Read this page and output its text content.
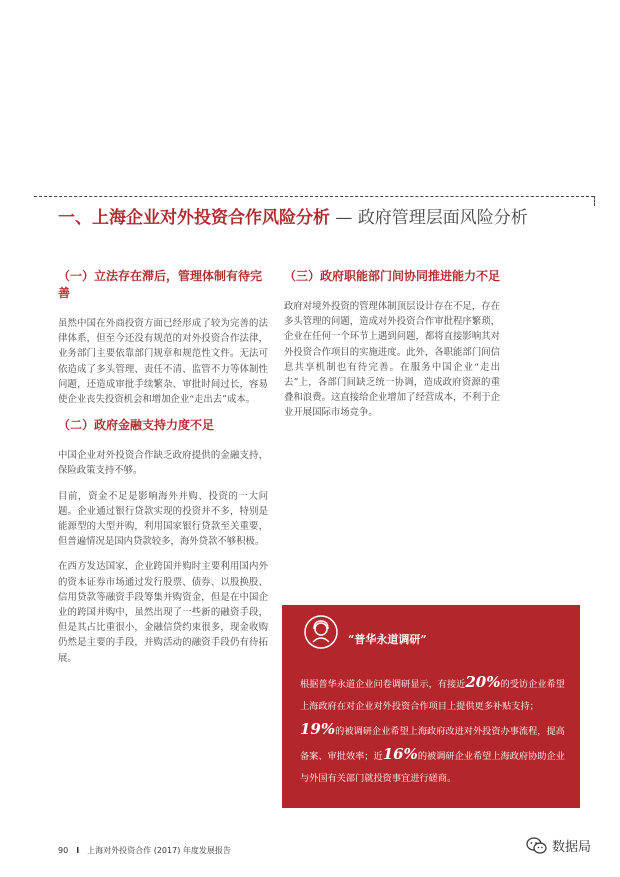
一、上海企业对外投资合作风险分析 — 政府管理层面风险分析
（一）立法存在滞后，管理体制有待完善

虽然中国在外商投资方面已经形成了较为完善的法律体系，但至今还没有规范的对外投资合作法律，业务部门主要依靠部门规章和规范性文件。无法可依造成了多头管理、责任不清、监管不力等体制性问题，还造成审批手续繁杂、审批时间过长，容易使企业丧失投资机会和增加企业“走出去”成本。

（二）政府金融支持力度不足

中国企业对外投资合作缺乏政府提供的金融支持，保险政策支持不够。

目前，资金不足是影响海外并购、投资的一大问题。企业通过银行贷款实现的投资并不多，特别是能源型的大型并购，利用国家银行贷款至关重要，但普遍情况是国内贷款较多，海外贷款不够积极。

在西方发达国家，企业跨国并购时主要利用国内外的资本证券市场通过发行股票、债券、以股换股、信用贷款等融资手段筹集并购资金，但是在中国企业的跨国并购中，虽然出现了一些新的融资手段，但是其占比重很小，金融信贷约束很多，现金收购仍然是主要的手段，并购活动的融资手段仍有待拓展。

（三）政府职能部门间协同推进能力不足

政府对境外投资的管理体制顶层设计存在不足，存在多头管理的问题，造成对外投资合作审批程序繁琐，企业在任何一个环节上遇到问题，都将直接影响其对外投资合作项目的实施进度。此外，各职能部门间信息共享机制也有待完善。在服务中国企业“走出去”上，各部门间缺乏统一协调，造成政府资源的重叠和浪费。这直接给企业增加了经营成本，不利于企业开展国际市场竞争。

“普华永道调研”
根据普华永道企业问卷调研显示，有接近20%的受访企业希望上海政府在对企业对外投资合作项目上提供更多补贴支持；19%的被调研企业希望上海政府改进对外投资办事流程，提高备案、审批效率；近16%的被调研企业希望上海政府协助企业与外国有关部门就投资事宜进行磋商。
90 I 上海对外投资合作 (2017) 年度发展报告	数据局
